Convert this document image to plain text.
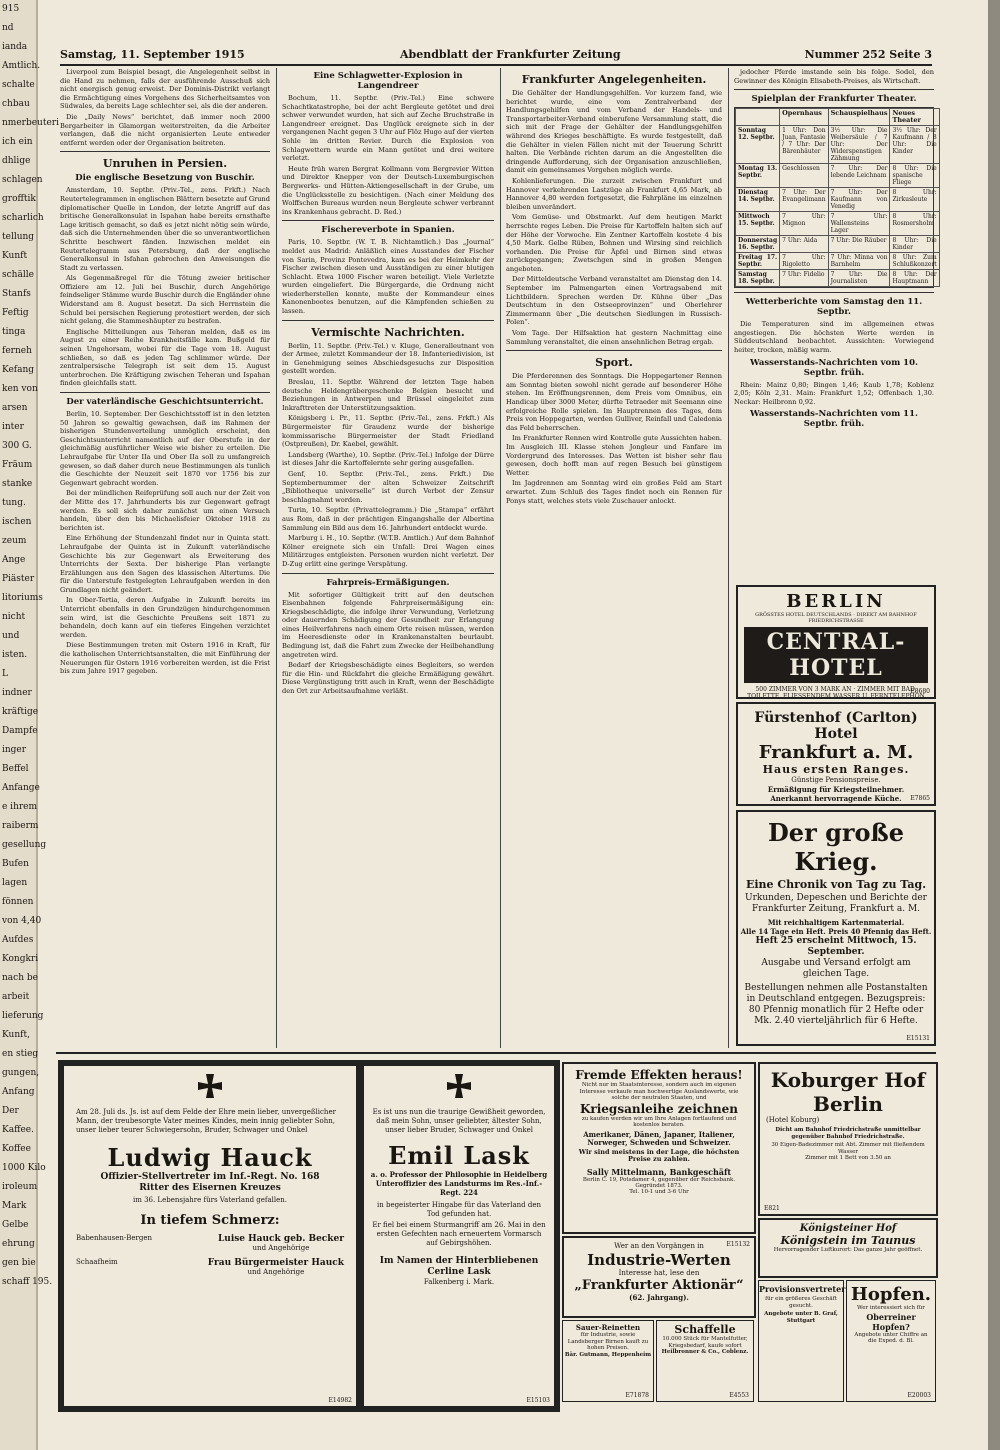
915
nd
ianda
Amtlich.
schalte
chbau
nmerbeuteri
ich ein
dhlige
schlagen
grofftik
scharlich
tellung
Kunft
schälle
Stanfs
Feftig
tinga
ferneh
Kefang
ken von
arsen
inter
300 G.
Fräum
stanke
tung.
ischen
zeum
Ange
Piäster
litoriums
nicht
und
isten.
L
indner
kräftige
Dampfe
inger
Beffel
Anfange
e ihrem
raiberm
gesellung
Bufen
lagen
fönnen
von 4,40
Aufdes
Kongkri
nach be
arbeit
lieferung
Kunft,
en stieg
gungen,
Anfang
Der
Kaffee.
Koffee
1000 Kilo
iroleum
Mark
Gelbe
ehrung
gen bie
schaff 195.
Samstag, 11. September 1915	Abendblatt der Frankfurter Zeitung	Nummer 252 Seite 3
Liverpool zum Beispiel besagt, die Angelegenheit selbst in die Hand zu nehmen, falls der ausführende Ausschuß sich nicht energisch genug erweist. Der Dominis-Distrikt verlangt die Ermächtigung eines Vorgehens des Sicherheitsamtes von Südwales, da bereits Lage schlechter sei, als die der anderen.
Die „Daily News“ berichtet, daß immer noch 2000 Bergarbeiter in Glamorgan weiterstreiten, da die Arbeiter verlangen, daß die nicht organisierten Leute entweder entfernt werden oder der Organisation beitreten.
Unruhen in Persien.
Die englische Besetzung von Buschir.
Amsterdam, 10. Septbr. (Priv.-Tel., zens. Frkft.) Nach Reutertelegrammen in englischen Blättern besetzte auf Grund diplomatischer Quelle in London, der letzte Angriff auf das britische Generalkonsulat in Ispahan habe bereits ernsthafte Lage kritisch gemacht, so daß es jetzt nicht nötig sein würde, daß sich die Unternehmenden über die so unverantwortlichen Schritte beschwert fänden. Inzwischen meldet ein Reutertelegramm aus Petersburg, daß der englische Generalkonsul in Isfahan gebrochen den Anweisungen die Stadt zu verlassen.
Als Gegenmaßregel für die Tötung zweier britischer Offiziere am 12. Juli bei Buschir, durch Angehörige feindseliger Stämme wurde Buschir durch die Engländer ohne Widerstand am 8. August besetzt. Da sich Herrnstein die Schuld bei persischen Regierung protestiert werden, der sich nicht gelang, die Stammeshäupter zu bestrafen.
Englische Mitteilungen aus Teheran melden, daß es im August zu einer Reihe Krankheitsfälle kam. Bußgeld für seinen Ungehorsam, wobei für die Tage vom 18. August schließen, so daß es jeden Tag schlimmer würde. Der zentralpersische Telegraph ist seit dem 15. August unterbrochen. Die Kräftigung zwischen Teheran und Ispahan finden gleichfalls statt.
Der vaterländische Geschichtsunterricht.
Berlin, 10. September. Der Geschichtsstoff ist in den letzten 50 Jahren so gewaltig gewachsen, daß im Rahmen der bisherigen Stundenverteilung unmöglich erscheint, den Geschichtsunterricht namentlich auf der Oberstufe in der gleichmäßig ausführlicher Weise wie bisher zu erteilen. Die Lehraufgabe für Unter IIa und Ober IIa soll zu umfangreich gewesen, so daß daher durch neue Bestimmungen als tunlich die Geschichte der Neuzeit seit 1870 vor 1756 bis zur Gegenwart gebracht worden.
Bei der mündlichen Reifeprüfung soll auch nur der Zeit von der Mitte des 17. Jahrhunderts bis zur Gegenwart gefragt werden. Es soll sich daher zunächst um einen Versuch handeln, über den bis Michaelisfeier Oktober 1918 zu berichten ist.
Eine Erhöhung der Stundenzahl findet nur in Quinta statt. Lehraufgabe der Quinta ist in Zukunft vaterländische Geschichte bis zur Gegenwart als Erweiterung des Unterrichts der Sexta. Der bisherige Plan verlangte Erzählungen aus den Sagen des klassischen Altertums. Die für die Unterstufe festgelegten Lehraufgaben werden in den Grundlagen nicht geändert.
In Ober-Tertia, deren Aufgabe in Zukunft bereits im Unterricht ebenfalls in den Grundzügen hindurchgenommen sein wird, ist die Geschichte Preußens seit 1871 zu behandeln, doch kann auf ein tieferes Eingehen verzichtet werden.
Diese Bestimmungen treten mit Ostern 1916 in Kraft, für die katholischen Unterrichtsanstalten, die mit Einführung der Neuerungen für Ostern 1916 vorbereiten werden, ist die Frist bis zum Jahre 1917 gegeben.
Eine Schlagwetter-Explosion in Langendreer
Bochum, 11. Septbr. (Priv.-Tel.) Eine schwere Schachtkatastrophe, bei der acht Bergleute getötet und drei schwer verwundet wurden, hat sich auf Zeche Bruchstraße in Langendreer ereignet. Das Unglück ereignete sich in der vergangenen Nacht gegen 3 Uhr auf Flöz Hugo auf der vierten Sohle im dritten Revier. Durch die Explosion von Schlagwettern wurde ein Mann getötet und drei weitere verletzt.
Heute früh waren Bergrat Kollmann vom Bergrevier Witten und Direktor Knepper von der Deutsch-Luxemburgischen Bergwerks- und Hütten-Aktiengesellschaft in der Grube, um die Unglücksstelle zu besichtigen. (Nach einer Meldung des Wolffschen Bureaus wurden neun Bergleute schwer verbrannt ins Krankenhaus gebracht. D. Red.)
Fischereverbote in Spanien.
Paris, 10. Septbr. (W. T. B. Nichtamtlich.) Das „Journal“ meldet aus Madrid: Anläßlich eines Ausstandes der Fischer von Sarin, Provinz Pontevedra, kam es bei der Heimkehr der Fischer zwischen diesen und Ausständigen zu einer blutigen Schlacht. Etwa 1000 Fischer waren beteiligt. Viele Verletzte wurden eingeliefert. Die Bürgergarde, die Ordnung nicht wiederherstellen konnte, mußte der Kommandeur eines Kanonenbootes benutzen, auf die Kämpfenden schießen zu lassen.
Vermischte Nachrichten.
Berlin, 11. Septbr. (Priv.-Tel.) v. Kluge, Generalleutnant von der Armee, zuletzt Kommandeur der 18. Infanteriedivision, ist in Genehmigung seines Abschiedsgesuchs zur Disposition gestellt worden.
Breslau, 11. Septbr. Während der letzten Tage haben deutsche Heldengräbergeschenke Belgien besucht und Beziehungen in Antwerpen und Brüssel eingeleitet zum Inkrafttreten der Unterstützungsaktion.
Königsberg i. Pr., 11. Septbr. (Priv.-Tel., zens. Frkft.) Als Bürgermeister für Graudenz wurde der bisherige kommissarische Bürgermeister der Stadt Friedland (Ostpreußen), Dr. Kaebel, gewählt.
Landsberg (Warthe), 10. Septbr. (Priv.-Tel.) Infolge der Dürre ist dieses Jahr die Kartoffelernte sehr gering ausgefallen.
Genf, 10. Septbr. (Priv.-Tel., zens. Frkft.) Die Septembernummer der alten Schweizer Zeitschrift „Bibliotheque universelle“ ist durch Verbot der Zensur beschlagnahmt worden.
Turin, 10. Septbr. (Privattelegramm.) Die „Stampa“ erfährt aus Rom, daß in der prächtigen Eingangshalle der Albertina Sammlung ein Bild aus dem 16. Jahrhundert entdeckt wurde.
Marburg i. H., 10. Septbr. (W.T.B. Amtlich.) Auf dem Bahnhof Kölner ereignete sich ein Unfall: Drei Wagen eines Militärzuges entgleisten. Personen wurden nicht verletzt. Der D-Zug erlitt eine geringe Verspätung.
Fahrpreis-Ermäßigungen.
Mit sofortiger Gültigkeit tritt auf den deutschen Eisenbahnen folgende Fahrpreisermäßigung ein: Kriegsbeschädigte, die infolge ihrer Verwundung, Verletzung oder dauernden Schädigung der Gesundheit zur Erlangung eines Heilverfahrens nach einem Orte reisen müssen, werden im Heeresdienste oder in Krankenanstalten beurlaubt. Bedingung ist, daß die Fahrt zum Zwecke der Heilbehandlung angetreten wird.
Bedarf der Kriegsbeschädigte eines Begleiters, so werden für die Hin- und Rückfahrt die gleiche Ermäßigung gewährt. Diese Vergünstigung tritt auch in Kraft, wenn der Beschädigte den Ort zur Arbeitsaufnahme verläßt.
Frankfurter Angelegenheiten.
Die Gehälter der Handlungsgehilfen. Vor kurzem fand, wie berichtet wurde, eine vom Zentralverband der Handlungsgehilfen und vom Verband der Handels- und Transportarbeiter-Verband einberufene Versammlung statt, die sich mit der Frage der Gehälter der Handlungsgehilfen während des Krieges beschäftigte. Es wurde festgestellt, daß die Gehälter in vielen Fällen nicht mit der Teuerung Schritt halten. Die Verbände richten darum an die Angestellten die dringende Aufforderung, sich der Organisation anzuschließen, damit ein gemeinsames Vorgehen möglich werde.
Kohlenlieferungen. Die zurzeit zwischen Frankfurt und Hannover verkehrenden Lastzüge ab Frankfurt 4,65 Mark, ab Hannover 4,80 werden fortgesetzt, die Fahrpläne im einzelnen bleiben unverändert.
Vom Gemüse- und Obstmarkt. Auf dem heutigen Markt herrschte reges Leben. Die Preise für Kartoffeln halten sich auf der Höhe der Vorwoche. Ein Zentner Kartoffeln kostete 4 bis 4,50 Mark. Gelbe Rüben, Bohnen und Wirsing sind reichlich vorhanden. Die Preise für Äpfel und Birnen sind etwas zurückgegangen; Zwetschgen sind in großen Mengen angeboten.
Der Mitteldeutsche Verband veranstaltet am Dienstag den 14. September im Palmengarten einen Vortragsabend mit Lichtbildern. Sprechen werden Dr. Kühne über „Das Deutschtum in den Ostseeprovinzen“ und Oberlehrer Zimmermann über „Die deutschen Siedlungen in Russisch-Polen“.
Vom Tage. Der Hilfsaktion hat gestern Nachmittag eine Sammlung veranstaltet, die einen ansehnlichen Betrag ergab.
Sport.
Die Pferderennen des Sonntags. Die Hoppegartener Rennen am Sonntag bieten sowohl nicht gerade auf besonderer Höhe stehen. Im Eröffnungsrennen, dem Preis vom Omnibus, ein Handicap über 3000 Meter, dürfte Tetraeder mit Seemann eine erfolgreiche Rolle spielen. Im Hauptrennen des Tages, dem Preis von Hoppegarten, werden Gulliver, Reinfall und Caledonia das Feld beherrschen.
Im Frankfurter Rennen wird Kontrolle gute Aussichten haben. Im Ausgleich III. Klasse stehen Jongleur und Fanfare im Vordergrund des Interesses. Das Wetten ist bisher sehr flau gewesen, doch hofft man auf regen Besuch bei günstigem Wetter.
Im Jagdrennen am Sonntag wird ein großes Feld am Start erwartet. Zum Schluß des Tages findet noch ein Rennen für Ponys statt, welches stets viele Zuschauer anlockt.
jedocher Pferde imstande sein bis folge. Sodel, den Gewinner des Königin Elisabeth-Preises, als Wirtschaft.
Spielplan der Frankfurter Theater.
	Opernhaus	Schauspielhaus	Neues Theater
Sonntag 12. Septbr.	1 Uhr: Don Juan, Fantasie / 7 Uhr: Der Bärenhäuter	3½ Uhr: Die Weibersäule / 7 Uhr: Der Widerspenstigen Zähmung	3½ Uhr: Der Kaufmann / 8 Uhr: Die Kinder
Montag 13. Septbr.	Geschlossen	7 Uhr: Der lebende Leichnam	8 Uhr: Die spanische Fliege
Dienstag 14. Septbr.	7 Uhr: Der Evangelimann	7 Uhr: Der Kaufmann von Venedig	8 Uhr: Zirkusleute
Mittwoch 15. Septbr.	7 Uhr: Mignon	7 Uhr: Wallensteins Lager	8 Uhr: Rosmersholm
Donnerstag 16. Septbr.	7 Uhr: Aida	7 Uhr: Die Räuber	8 Uhr: Die Kinder
Freitag 17. Septbr.	7 Uhr: Rigoletto	7 Uhr: Minna von Barnhelm	8 Uhr: Zum Schlußkonzert
Samstag 18. Septbr.	7 Uhr: Fidelio	7 Uhr: Die Journalisten	8 Uhr: Der Hauptmann
Wetterberichte vom Samstag den 11. Septbr.
Die Temperaturen sind im allgemeinen etwas angestiegen. Die höchsten Werte werden in Süddeutschland beobachtet. Aussichten: Vorwiegend heiter, trocken, mäßig warm.
Wasserstands-Nachrichten vom 10. Septbr. früh.
Rhein: Mainz 0,80; Bingen 1,46; Kaub 1,78; Koblenz 2,05; Köln 2,31. Main: Frankfurt 1,52; Offenbach 1,30. Neckar: Heilbronn 0,92.
Wasserstands-Nachrichten vom 11. Septbr. früh.
BERLIN
GRÖSSTES HOTEL DEUTSCHLANDS · DIREKT AM BAHNHOF FRIEDRICHSTRASSE
CENTRAL-HOTEL
500 ZIMMER VON 3 MARK AN · ZIMMER MIT BAD, TOILETTE, FLIESSENDEM WASSER U. FERNTELEPHON
E8680
Fürstenhof (Carlton) Hotel
Frankfurt a. M.
Haus ersten Ranges.
Günstige Pensionspreise.
Ermäßigung für Kriegsteilnehmer.
Anerkannt hervorragende Küche.	E7865
Der große Krieg.
Eine Chronik von Tag zu Tag.
Urkunden, Depeschen und Berichte der Frankfurter Zeitung, Frankfurt a. M.
Mit reichhaltigem Kartenmaterial.
Alle 14 Tage ein Heft. Preis 40 Pfennig das Heft.
Heft 25 erscheint Mittwoch, 15. September.
Ausgabe und Versand erfolgt am gleichen Tage.
Bestellungen nehmen alle Postanstalten in Deutschland entgegen. Bezugspreis: 80 Pfennig monatlich für 2 Hefte oder Mk. 2.40 vierteljährlich für 6 Hefte.
E15131
Am 28. Juli ds. Js. ist auf dem Felde der Ehre mein lieber, unvergeßlicher Mann, der treubesorgte Vater meines Kindes, mein innig geliebter Sohn, unser lieber teurer Schwiegersohn, Bruder, Schwager und Onkel
Ludwig Hauck
Offizier-Stellvertreter im Inf.-Regt. No. 168
Ritter des Eisernen Kreuzes
im 36. Lebensjahre fürs Vaterland gefallen.
In tiefem Schmerz:
Babenhausen-Bergen	Luise Hauck geb. Becker
und Angehörige
Schaafheim	Frau Bürgermeister Hauck
und Angehörige
E14982
Es ist uns nun die traurige Gewißheit geworden, daß mein Sohn, unser geliebter, ältester Sohn, unser lieber Bruder, Schwager und Onkel
Emil Lask
a. o. Professor der Philosophie in Heidelberg
Unteroffizier des Landsturms im Res.-Inf.-Regt. 224
in begeisterter Hingabe für das Vaterland den Tod gefunden hat.
Er fiel bei einem Sturmangriff am 26. Mai in den ersten Gefechten nach erneuertem Vormarsch auf Gebirgshöhen.
Im Namen der Hinterbliebenen
Cerline Lask
Falkenberg i. Mark.
E15103
Fremde Effekten heraus!
Nicht nur im Staatsinteresse, sondern auch im eigenen Interesse verkaufe man hochwertige Auslandswerte, wie solche der neutralen Staaten, und
Kriegsanleihe zeichnen
zu kaufen werden wir um Ihre Anlagen fortlaufend und kostenlos beraten.
Amerikaner, Dänen, Japaner, Italiener, Norweger, Schweden und Schweizer.
Wir sind meistens in der Lage, die höchsten Preise zu zahlen.
Sally Mittelmann, Bankgeschäft
Berlin C. 19, Potsdamer 4, gegenüber der Reichsbank.
Gegründet 1873.
Tel. 10-1 und 3-6 Uhr
Wer an den Vorgängen in
Industrie-Werten
Interesse hat, lese den
„Frankfurter Aktionär“
(62. Jahrgang).
E15132
Sauer-Reinetten
für Industrie, sowie Landsberger Birnen kauft zu hohen Preisen.
Bär. Gutmann, Heppenheim
E71878
Schaffelle
10.000 Stück für Mantelfutter, Kriegsbedarf, kaufe sofort
Heilbronner & Co., Coblenz.
E4553
Koburger Hof
Berlin
(Hotel Koburg)
Dicht am Bahnhof Friedrichstraße unmittelbar gegenüber Bahnhof Friedrichstraße.
30 Eigen-Badezimmer mit Abt. Zimmer mit fließendem Wasser
Zimmer mit 1 Bett von 3.50 an
E821
Königsteiner Hof
Königstein im Taunus
Hervorragender Luftkurort: Das ganze Jahr geöffnet.
Provisionsvertreter
für ein größeres Geschäft gesucht.
Angebote unter B. Graf, Stuttgart
Hopfen.
Wer interessiert sich für
Oberreiner Hopfen?
Angebote unter Chiffre an die Exped. d. Bl.
E20003
